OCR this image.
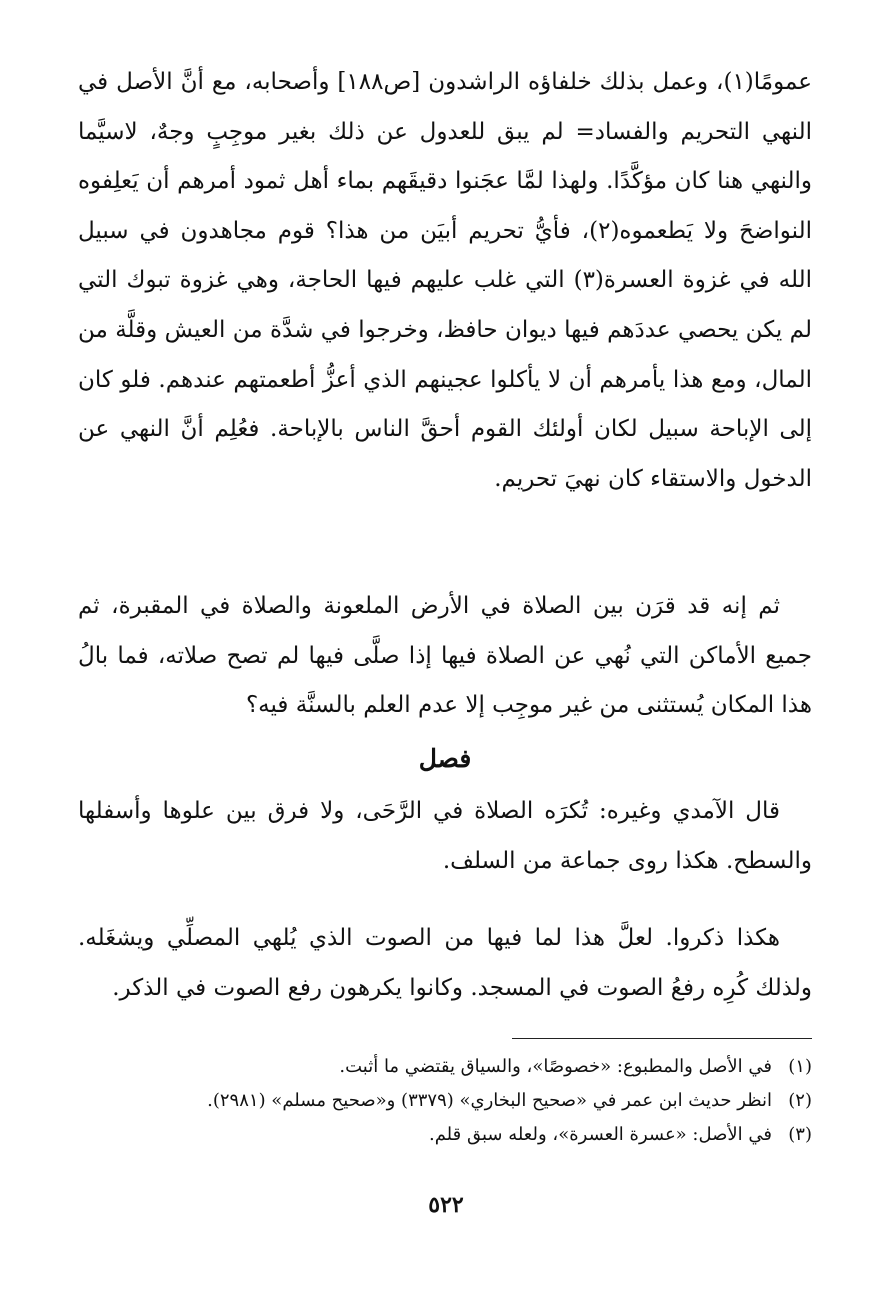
عمومًا(١)، وعمل بذلك خلفاؤه الراشدون [ص١٨٨] وأصحابه، مع أنَّ الأصل في النهي التحريم والفساد= لم يبق للعدول عن ذلك بغير موجِبٍ وجهٌ، لاسيَّما والنهي هنا كان مؤكَّدًا. ولهذا لمَّا عجَنوا دقيقَهم بماء أهل ثمود أمرهم أن يَعلِفوه النواضحَ ولا يَطعموه(٢)، فأيُّ تحريم أبيَن من هذا؟ قوم مجاهدون في سبيل الله في غزوة العسرة(٣) التي غلب عليهم فيها الحاجة، وهي غزوة تبوك التي لم يكن يحصي عددَهم فيها ديوان حافظ، وخرجوا في شدَّة من العيش وقلَّة من المال، ومع هذا يأمرهم أن لا يأكلوا عجينهم الذي أعزُّ أطعمتهم عندهم. فلو كان إلى الإباحة سبيل لكان أولئك القوم أحقَّ الناس بالإباحة. فعُلِم أنَّ النهي عن الدخول والاستقاء كان نهيَ تحريم.

ثم إنه قد قرَن بين الصلاة في الأرض الملعونة والصلاة في المقبرة، ثم جميع الأماكن التي نُهي عن الصلاة فيها إذا صلَّى فيها لم تصح صلاته، فما بالُ هذا المكان يُستثنى من غير موجِب إلا عدم العلم بالسنَّة فيه؟

فصل

قال الآمدي وغيره: تُكرَه الصلاة في الرَّحَى، ولا فرق بين علوها وأسفلها والسطح. هكذا روى جماعة من السلف.

هكذا ذكروا. لعلَّ هذا لما فيها من الصوت الذي يُلهي المصلِّي ويشغَله. ولذلك كُرِه رفعُ الصوت في المسجد. وكانوا يكرهون رفع الصوت في الذكر.

(١)
في الأصل والمطبوع: «خصوصًا»، والسياق يقتضي ما أثبت.
(٢)
انظر حديث ابن عمر في «صحيح البخاري» (٣٣٧٩) و«صحيح مسلم» (٢٩٨١).
(٣)
في الأصل: «عسرة العسرة»، ولعله سبق قلم.
٥٢٢
